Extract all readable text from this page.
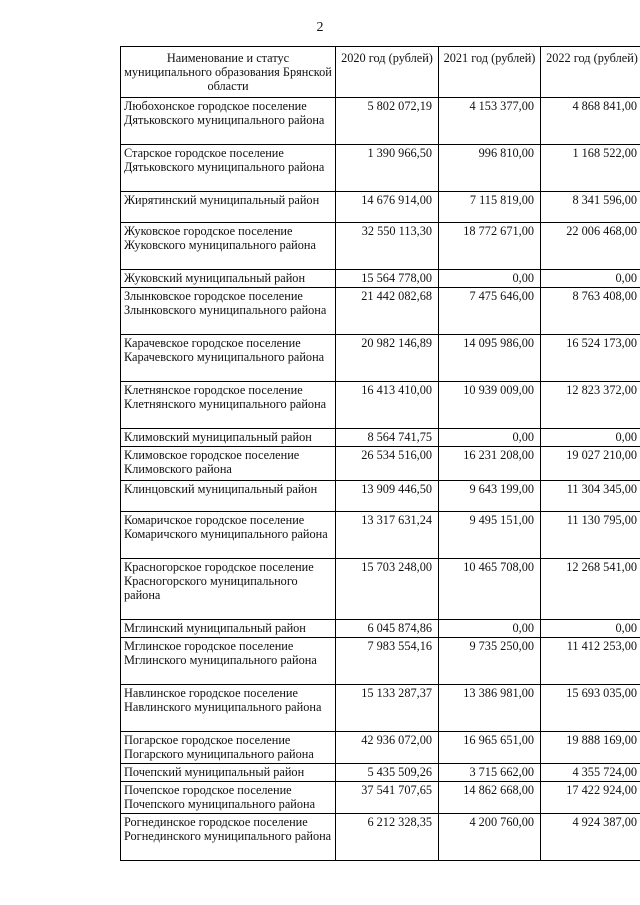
2
Наименование и статус муниципального образования Брянской области	2020 год (рублей)	2021 год (рублей)	2022 год (рублей)
Любохонское городское поселение Дятьковского муниципального района	5 802 072,19	4 153 377,00	4 868 841,00
Старское городское поселение Дятьковского муниципального района	1 390 966,50	996 810,00	1 168 522,00
Жирятинский муниципальный район	14 676 914,00	7 115 819,00	8 341 596,00
Жуковское городское поселение Жуковского муниципального района	32 550 113,30	18 772 671,00	22 006 468,00
Жуковский муниципальный район	15 564 778,00	0,00	0,00
Злынковское городское поселение Злынковского муниципального района	21 442 082,68	7 475 646,00	8 763 408,00
Карачевское городское поселение Карачевского муниципального района	20 982 146,89	14 095 986,00	16 524 173,00
Клетнянское городское поселение Клетнянского муниципального района	16 413 410,00	10 939 009,00	12 823 372,00
Климовский муниципальный район	8 564 741,75	0,00	0,00
Климовское городское поселение Климовского района	26 534 516,00	16 231 208,00	19 027 210,00
Клинцовский муниципальный район	13 909 446,50	9 643 199,00	11 304 345,00
Комаричское городское поселение Комаричского муниципального района	13 317 631,24	9 495 151,00	11 130 795,00
Красногорское городское поселение Красногорского муниципального района	15 703 248,00	10 465 708,00	12 268 541,00
Мглинский муниципальный район	6 045 874,86	0,00	0,00
Мглинское городское поселение Мглинского муниципального района	7 983 554,16	9 735 250,00	11 412 253,00
Навлинское городское поселение Навлинского муниципального района	15 133 287,37	13 386 981,00	15 693 035,00
Погарское городское поселение Погарского муниципального района	42 936 072,00	16 965 651,00	19 888 169,00
Почепский муниципальный район	5 435 509,26	3 715 662,00	4 355 724,00
Почепское городское поселение Почепского муниципального района	37 541 707,65	14 862 668,00	17 422 924,00
Рогнединское городское поселение Рогнединского муниципального района	6 212 328,35	4 200 760,00	4 924 387,00
